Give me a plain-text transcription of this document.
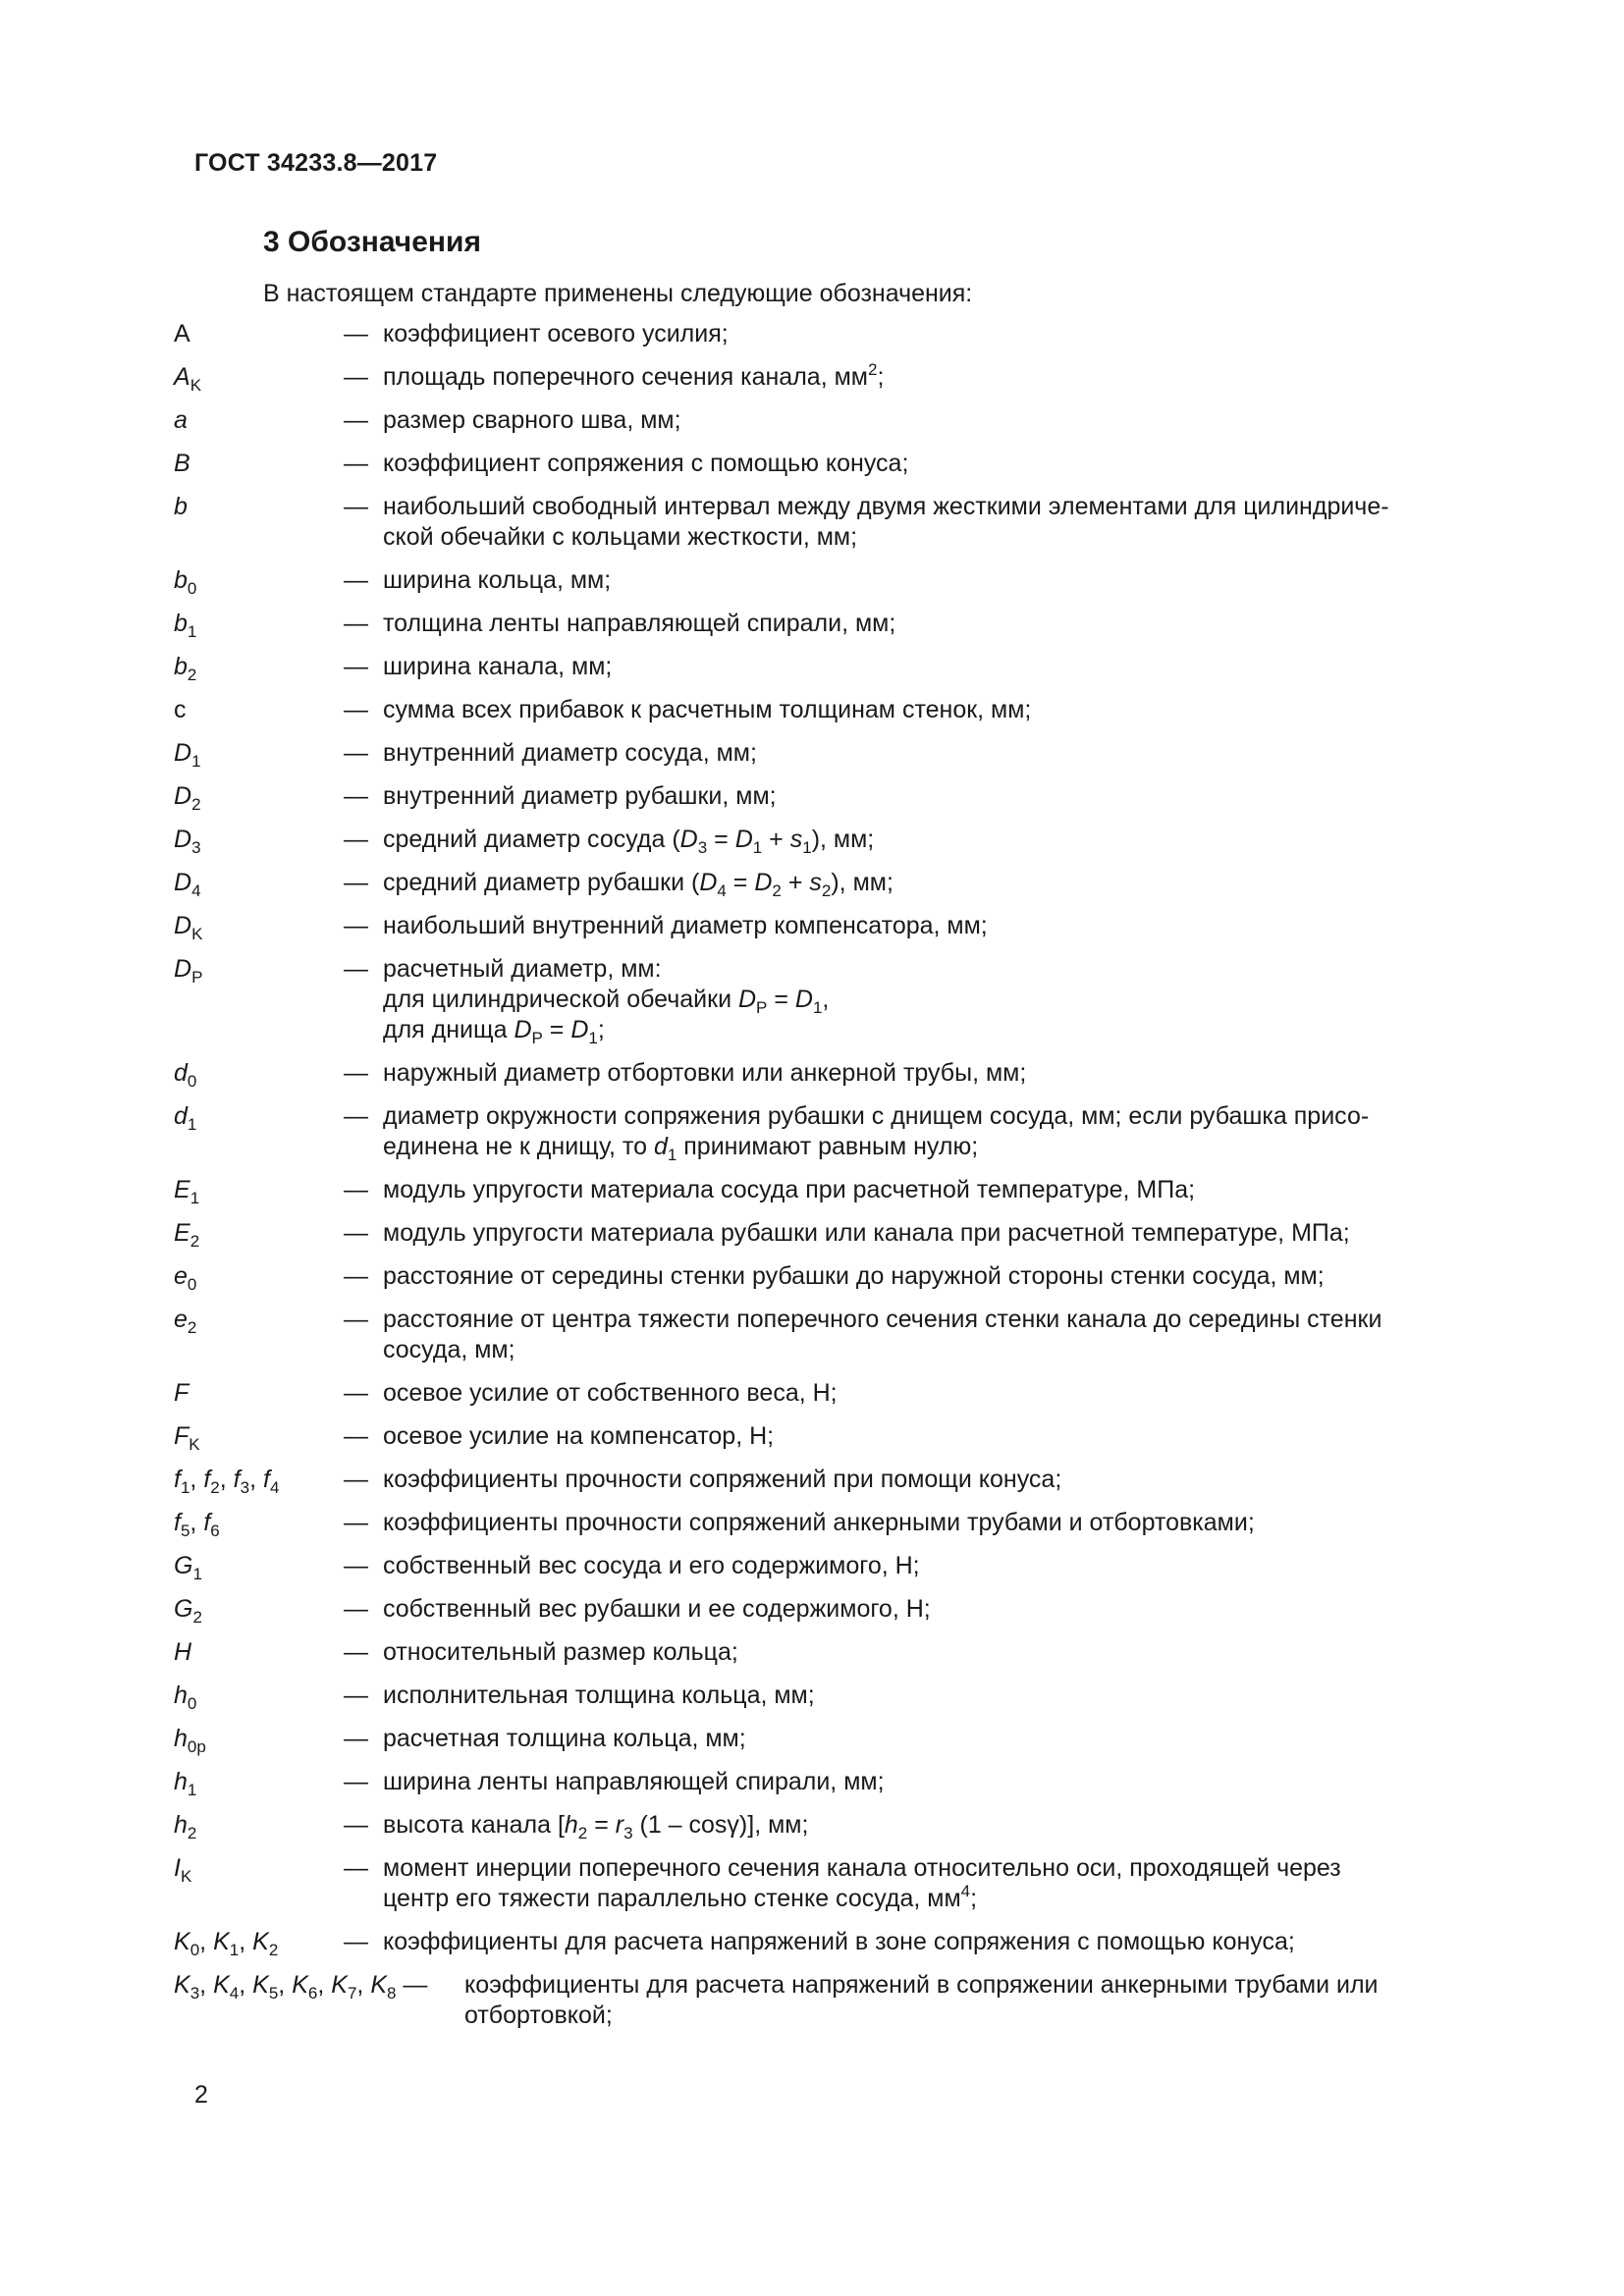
ГОСТ 34233.8—2017
3 Обозначения
В настоящем стандарте применены следующие обозначения:
A	— коэффициент осевого усилия;
$A_K$	— площадь поперечного сечения канала, $мм^2$;
a	— размер сварного шва, мм;
B	— коэффициент сопряжения с помощью конуса;
b	— наибольший свободный интервал между двумя жесткими элементами для цилиндриче-
ской обечайки с кольцами жесткости, мм;
$b_0$	— ширина кольца, мм;
$b_1$	— толщина ленты направляющей спирали, мм;
$b_2$	— ширина канала, мм;
c	— сумма всех прибавок к расчетным толщинам стенок, мм;
$D_1$	— внутренний диаметр сосуда, мм;
$D_2$	— внутренний диаметр рубашки, мм;
$D_3$	— средний диаметр сосуда $(D_3 = D_1 + s_1)$, мм;
$D_4$	— средний диаметр рубашки $(D_4 = D_2 + s_2)$, мм;
$D_K$	— наибольший внутренний диаметр компенсатора, мм;
$D_P$	— расчетный диаметр, мм:
для цилиндрической обечайки $D_P = D_1$,
для днища $D_P = D_1$;
$d_0$	— наружный диаметр отбортовки или анкерной трубы, мм;
$d_1$	— диаметр окружности сопряжения рубашки с днищем сосуда, мм; если рубашка присо-
единена не к днищу, то $d_1$ принимают равным нулю;
$E_1$	— модуль упругости материала сосуда при расчетной температуре, МПа;
$E_2$	— модуль упругости материала рубашки или канала при расчетной температуре, МПа;
$e_0$	— расстояние от середины стенки рубашки до наружной стороны стенки сосуда, мм;
$e_2$	— расстояние от центра тяжести поперечного сечения стенки канала до середины стенки
сосуда, мм;
F	— осевое усилие от собственного веса, Н;
$F_K$	— осевое усилие на компенсатор, Н;
$f_1$, $f_2$, $f_3$, $f_4$	— коэффициенты прочности сопряжений при помощи конуса;
$f_5$, $f_6$	— коэффициенты прочности сопряжений анкерными трубами и отбортовками;
$G_1$	— собственный вес сосуда и его содержимого, Н;
$G_2$	— собственный вес рубашки и ее содержимого, Н;
H	— относительный размер кольца;
$h_0$	— исполнительная толщина кольца, мм;
$h_{0p}$	— расчетная толщина кольца, мм;
$h_1$	— ширина ленты направляющей спирали, мм;
$h_2$	— высота канала [$h_2 = r_3$ (1 – cosγ)], мм;
$I_K$	— момент инерции поперечного сечения канала относительно оси, проходящей через
центр его тяжести параллельно стенке сосуда, $мм^4$;
$K_0$, $K_1$, $K_2$	— коэффициенты для расчета напряжений в зоне сопряжения с помощью конуса;
$K_3$, $K_4$, $K_5$, $K_6$, $K_7$, $K_8$ —	коэффициенты для расчета напряжений в сопряжении анкерными трубами или
отбортовкой;
2
